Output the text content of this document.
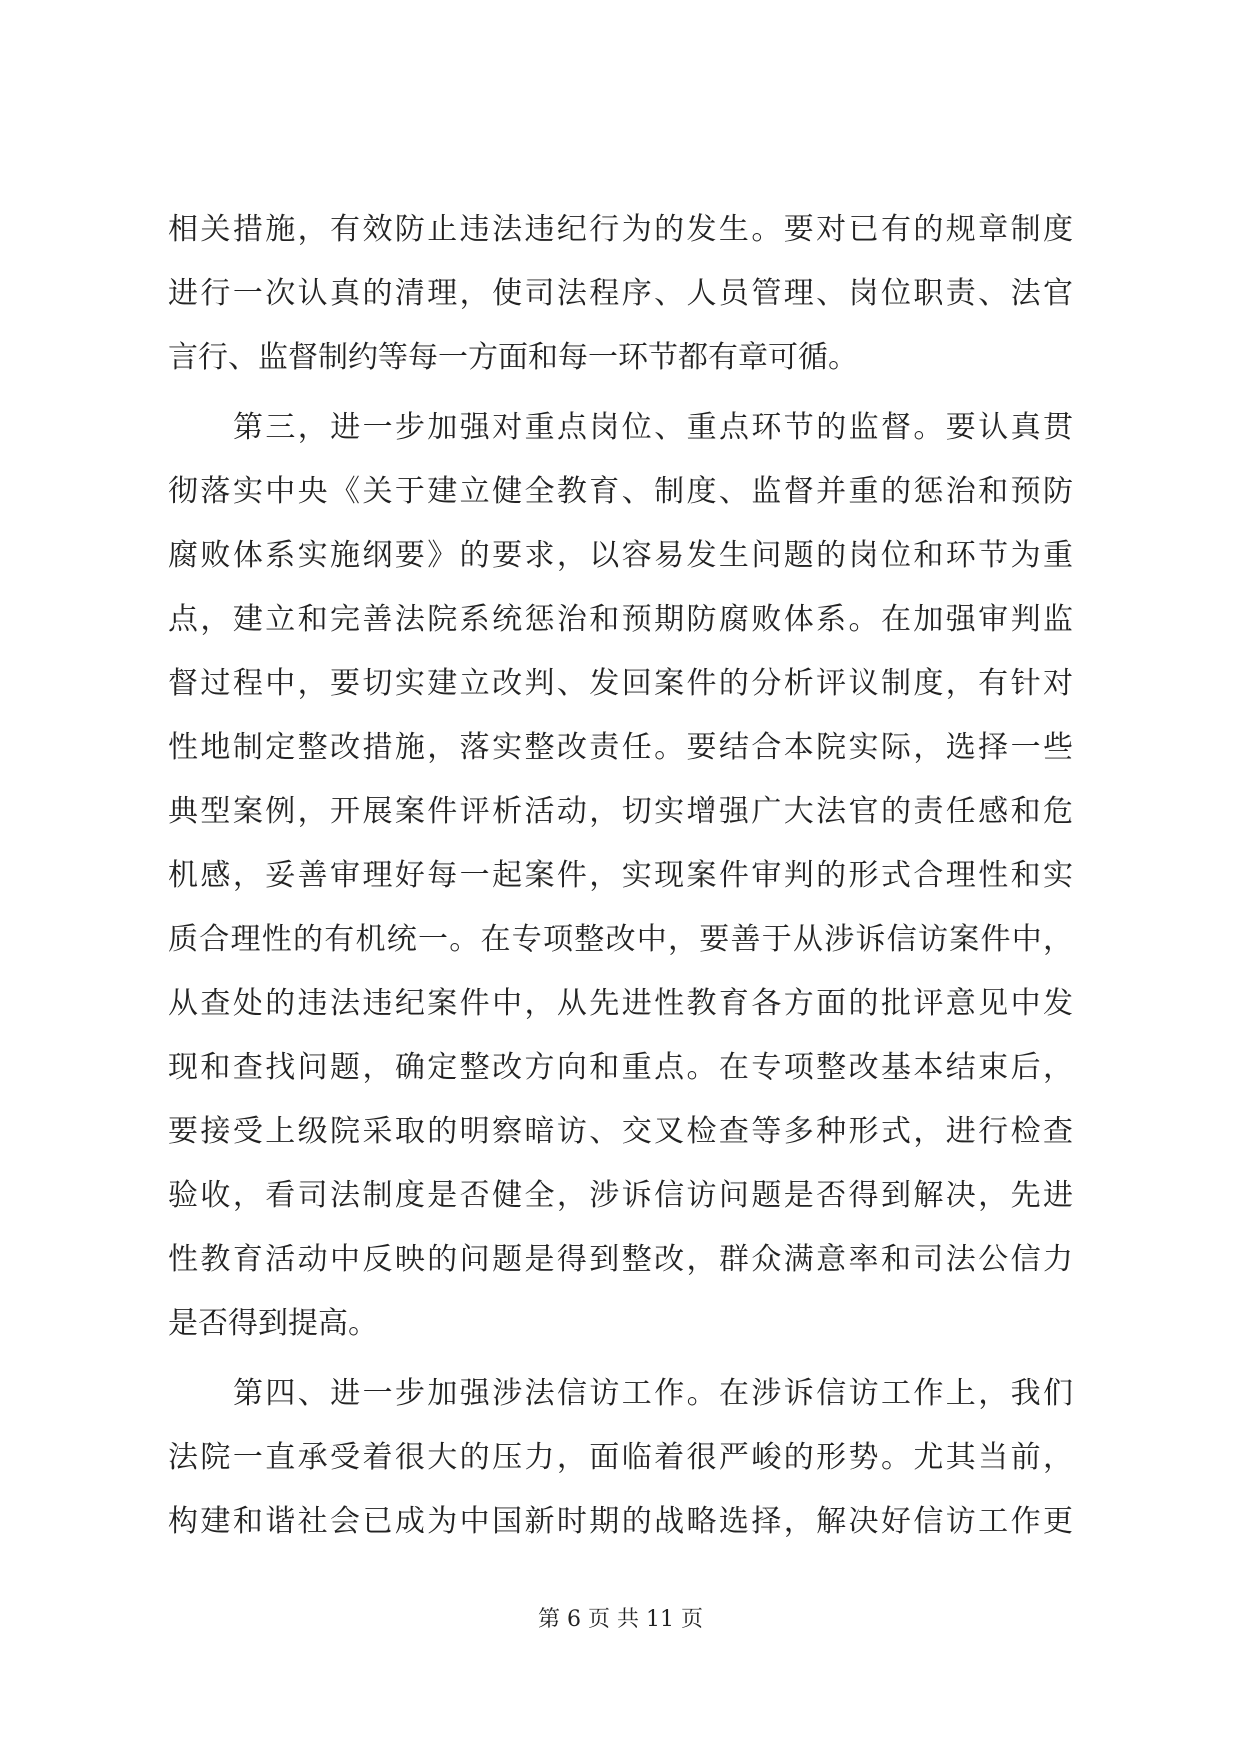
相关措施，有效防止违法违纪行为的发生。要对已有的规章制度
进行一次认真的清理，使司法程序、人员管理、岗位职责、法官
言行、监督制约等每一方面和每一环节都有章可循。
第三，进一步加强对重点岗位、重点环节的监督。要认真贯
彻落实中央《关于建立健全教育、制度、监督并重的惩治和预防
腐败体系实施纲要》的要求，以容易发生问题的岗位和环节为重
点，建立和完善法院系统惩治和预期防腐败体系。在加强审判监
督过程中，要切实建立改判、发回案件的分析评议制度，有针对
性地制定整改措施，落实整改责任。要结合本院实际，选择一些
典型案例，开展案件评析活动，切实增强广大法官的责任感和危
机感，妥善审理好每一起案件，实现案件审判的形式合理性和实
质合理性的有机统一。在专项整改中，要善于从涉诉信访案件中，
从查处的违法违纪案件中，从先进性教育各方面的批评意见中发
现和查找问题，确定整改方向和重点。在专项整改基本结束后，
要接受上级院采取的明察暗访、交叉检查等多种形式，进行检查
验收，看司法制度是否健全，涉诉信访问题是否得到解决，先进
性教育活动中反映的问题是得到整改，群众满意率和司法公信力
是否得到提高。
第四、进一步加强涉法信访工作。在涉诉信访工作上，我们
法院一直承受着很大的压力，面临着很严峻的形势。尤其当前，
构建和谐社会已成为中国新时期的战略选择，解决好信访工作更
第 6 页 共 11 页
